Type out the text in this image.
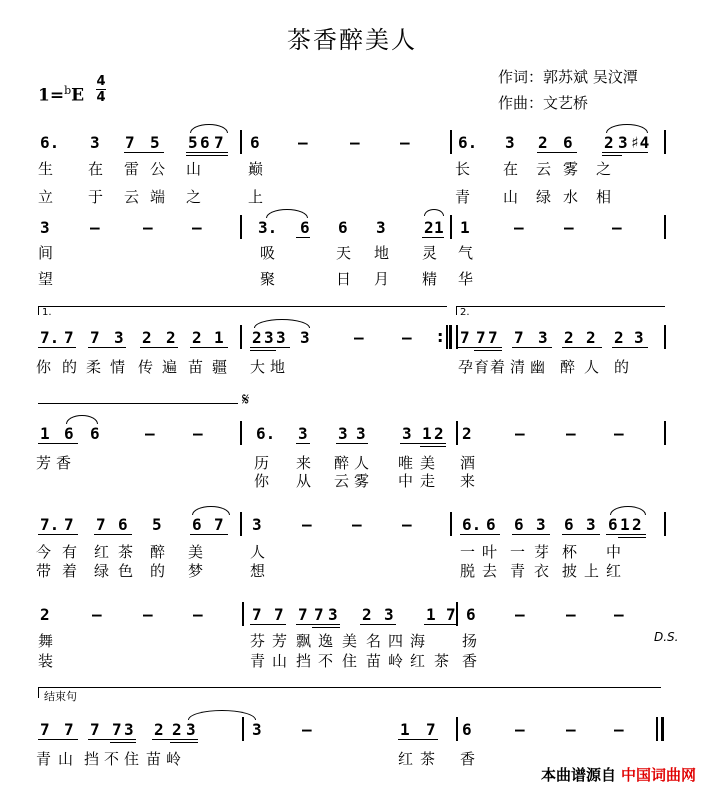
茶香醉美人
作词：郭苏斌 吴汶潭
作曲：文艺桥
1=$^b$E
4
4
6. 3 7 5 5 6 7 6 –	–	–	6. 3 2 6 2 3 ♯4
生 在 雷 公 山	巅	长 在 云 雾 之
立 于 云 端 之	上	青 山 绿 水 相
3	–	– –	3. 6 6 3 2 1 1	–	– –
间	吸	天 地 灵 气
望	聚	日 月 精 华
1.	2.
7. 7 7 3 2 2 2 1 2 3 3 3	– –	7 7 7 7 3 2 2 2 3
:
你 的 柔 情 传 遍 苗 疆 大 地	孕 育 着 清 幽 醉 人 的
𝄋
1 6 6	– –	6. 3 3 3 3 1 2 2	–	– –
芳 香	历 来 醉 人 唯 美 酒
你 从 云 雾 中 走 来
7. 7 7 6 5 6 7 3	–	–	–	6. 6 6 3 6 3 6 1 2
今 有 红 茶 醉 美	人	一 叶 一 芽 杯 中
带 着 绿 色 的 梦	想	脱 去 青 衣 披 上 红
2	–	–	–	7 7 7 7 3 2 3 1 7 6 –	– –
D.S.
舞	芬 芳 飘 逸 美 名 四 海 扬
装	青 山 挡 不 住 苗 岭 红 茶 香
结束句
7 7 7 7 3 2 2 3	3	–	1 7 6	–	– –
青 山 挡 不 住 苗 岭	红 茶 香
本曲谱源自 中国词曲网
